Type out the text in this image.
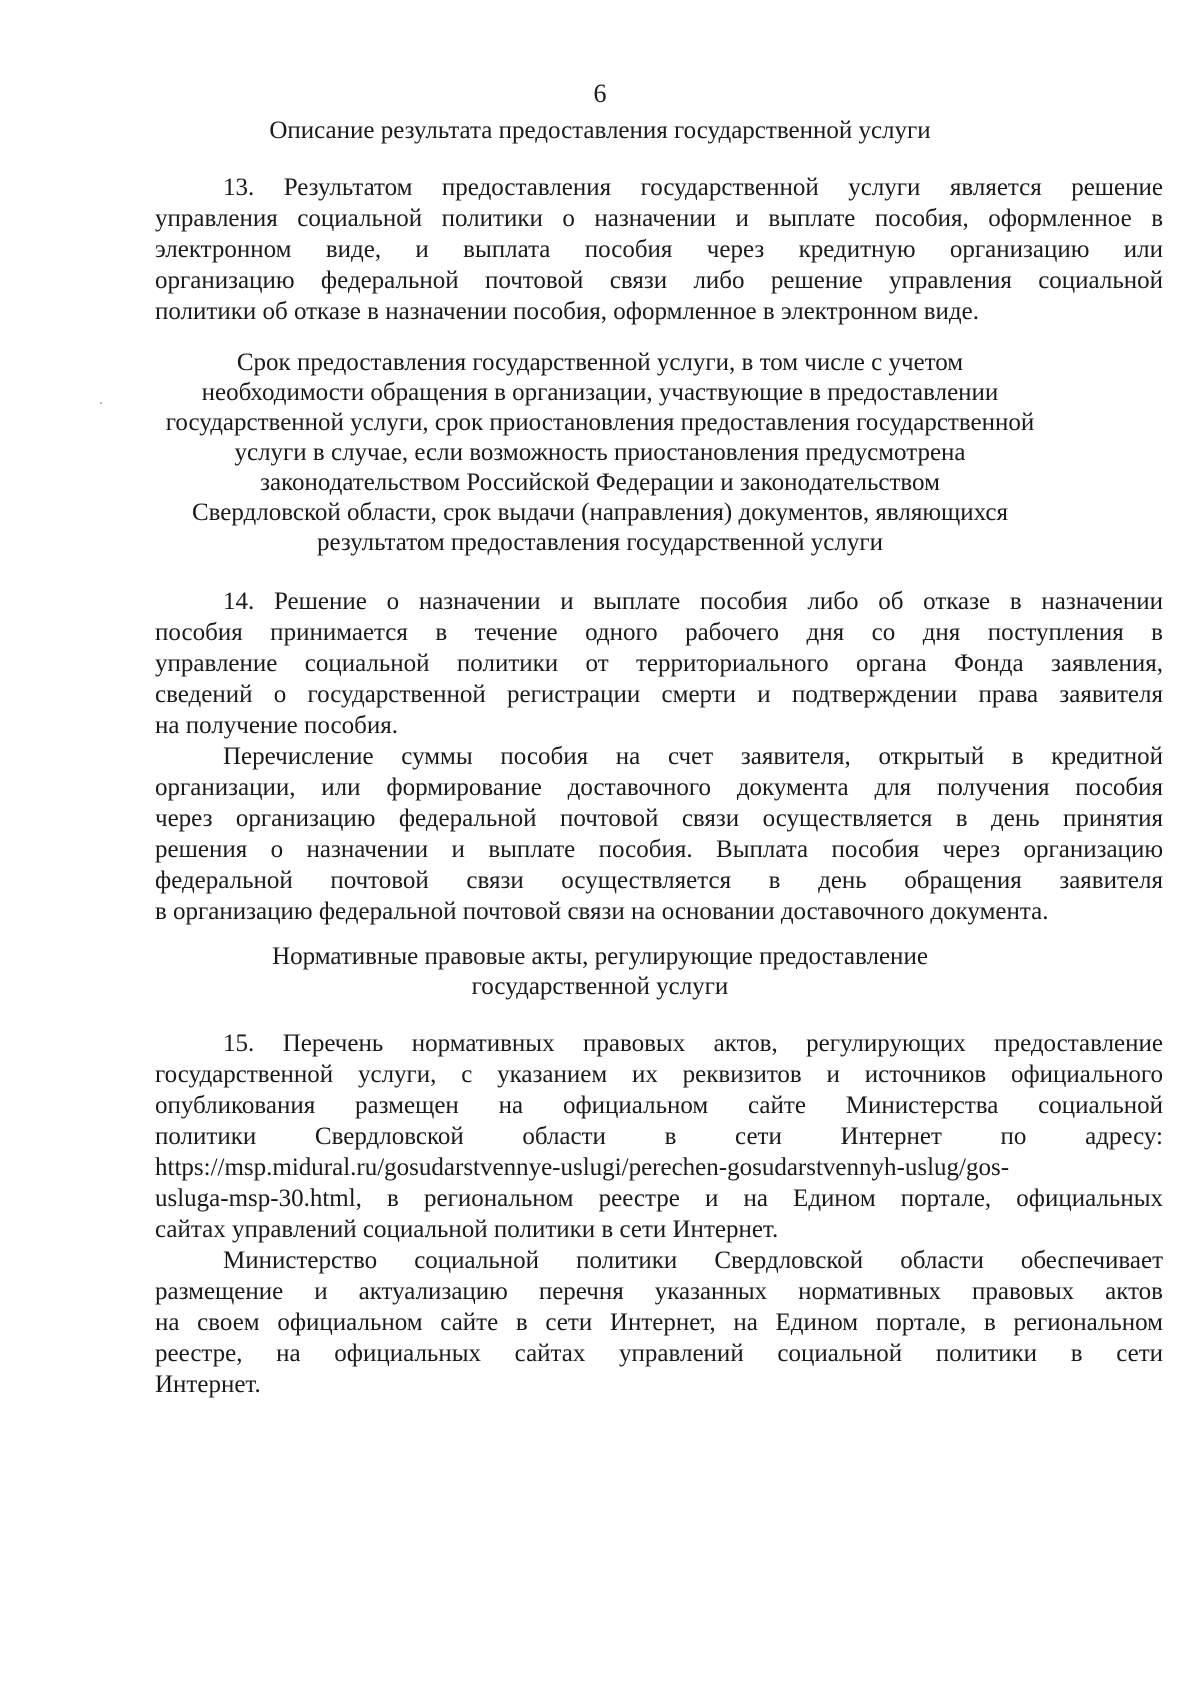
6
Описание результата предоставления государственной услуги

13. Результатом предоставления государственной услуги является решение
управления социальной политики о назначении и выплате пособия, оформленное в
электронном виде, и выплата пособия через кредитную организацию или
организацию федеральной почтовой связи либо решение управления социальной
политики об отказе в назначении пособия, оформленное в электронном виде.

Срок предоставления государственной услуги, в том числе с учетом
необходимости обращения в организации, участвующие в предоставлении
государственной услуги, срок приостановления предоставления государственной
услуги в случае, если возможность приостановления предусмотрена
законодательством Российской Федерации и законодательством
Свердловской области, срок выдачи (направления) документов, являющихся
результатом предоставления государственной услуги

14. Решение о назначении и выплате пособия либо об отказе в назначении
пособия принимается в течение одного рабочего дня со дня поступления в
управление социальной политики от территориального органа Фонда заявления,
сведений о государственной регистрации смерти и подтверждении права заявителя
на получение пособия.

Перечисление суммы пособия на счет заявителя, открытый в кредитной
организации, или формирование доставочного документа для получения пособия
через организацию федеральной почтовой связи осуществляется в день принятия
решения о назначении и выплате пособия. Выплата пособия через организацию
федеральной почтовой связи осуществляется в день обращения заявителя
в организацию федеральной почтовой связи на основании доставочного документа.

Нормативные правовые акты, регулирующие предоставление
государственной услуги

15. Перечень нормативных правовых актов, регулирующих предоставление
государственной услуги, с указанием их реквизитов и источников официального
опубликования размещен на официальном сайте Министерства социальной
политики Свердловской области в сети Интернет по адресу:
https://msp.midural.ru/gosudarstvennye-uslugi/perechen-gosudarstvennyh-uslug/gos-
usluga-msp-30.html, в региональном реестре и на Едином портале, официальных
сайтах управлений социальной политики в сети Интернет.

Министерство социальной политики Свердловской области обеспечивает
размещение и актуализацию перечня указанных нормативных правовых актов
на своем официальном сайте в сети Интернет, на Едином портале, в региональном
реестре, на официальных сайтах управлений социальной политики в сети
Интернет.
